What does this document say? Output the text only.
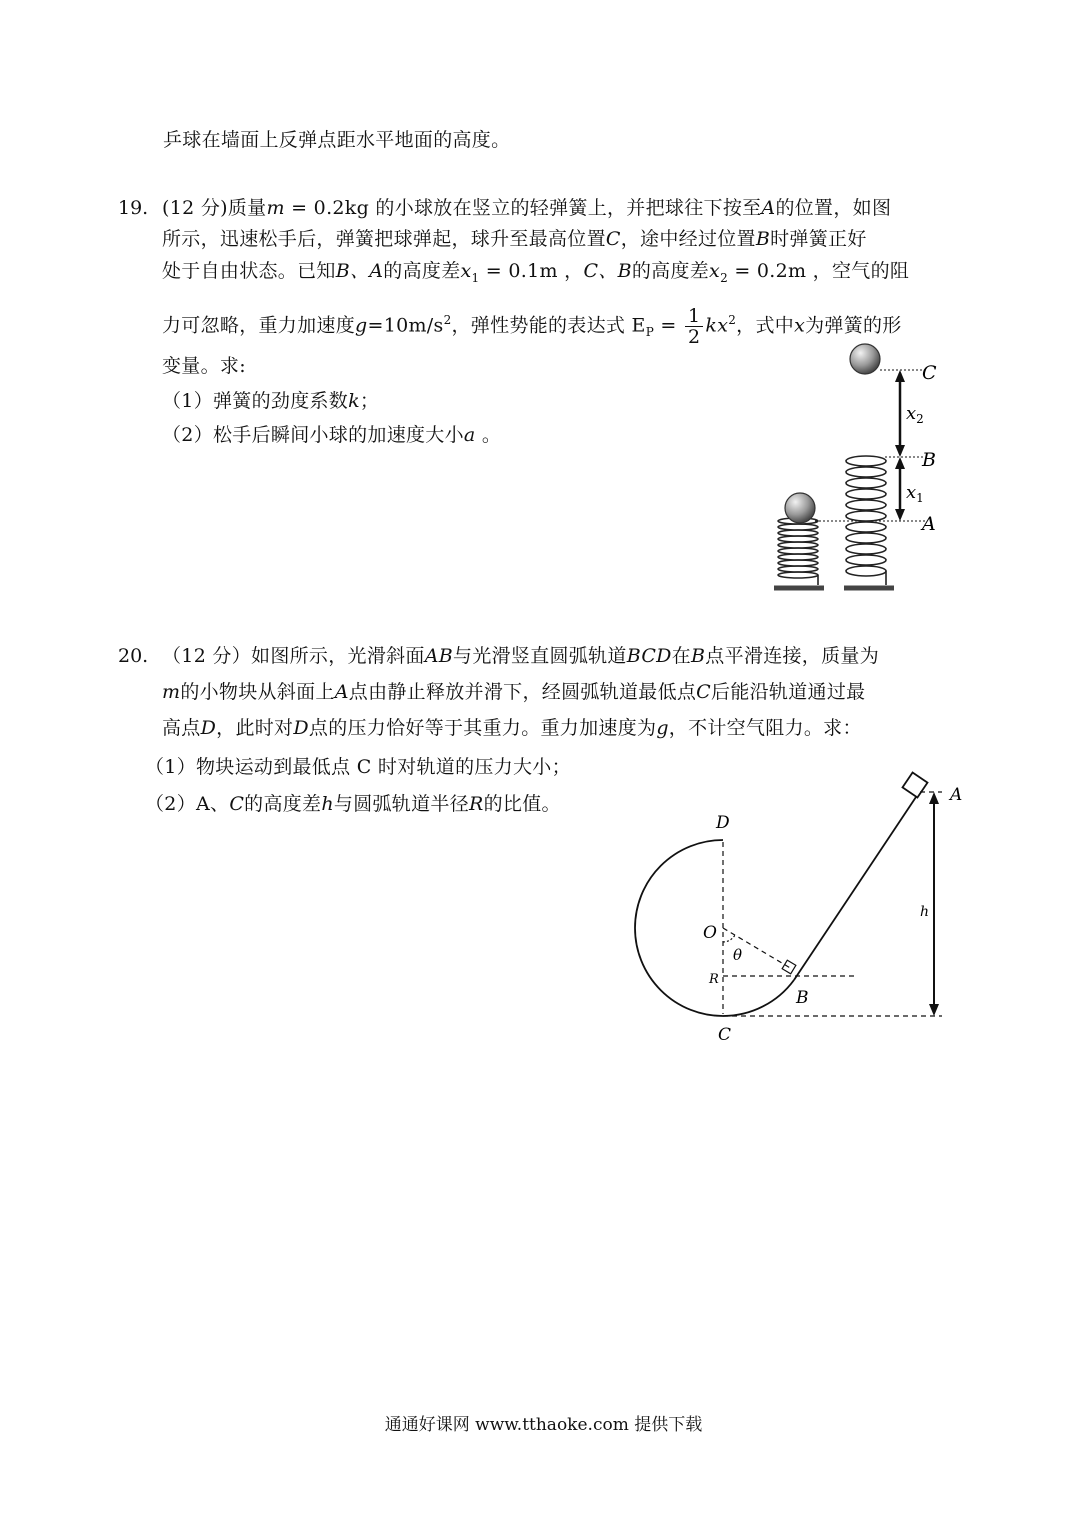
乒球在墙面上反弹点距水平地面的高度。
19. (12 分)质量m = 0.2kg 的小球放在竖立的轻弹簧上，并把球往下按至A的位置，如图
所示，迅速松手后，弹簧把球弹起，球升至最高位置C，途中经过位置B时弹簧正好
处于自由状态。已知B、A的高度差$x_1 = 0.1m$ ，C、B的高度差$x_2 = 0.2m$ ，空气的阻
力可忽略，重力加速度$g=10m/s^2$，弹性势能的表达式 $E_P = \frac{1}{2} kx^2$，式中x为弹簧的形
变量。求:
（1）弹簧的劲度系数k；
（2）松手后瞬间小球的加速度大小a 。
$x_2$
$x_1$
C
B
A
20. （12 分）如图所示，光滑斜面AB与光滑竖直圆弧轨道BCD在B点平滑连接，质量为
m的小物块从斜面上A点由静止释放并滑下，经圆弧轨道最低点C后能沿轨道通过最
高点D，此时对D点的压力恰好等于其重力。重力加速度为g，不计空气阻力。求：
（1）物块运动到最低点 C 时对轨道的压力大小；
（2）A、C的高度差h与圆弧轨道半径R的比值。
D
O
θ
R
B
C
A
h
通通好课网 www.tthaoke.com 提供下载
